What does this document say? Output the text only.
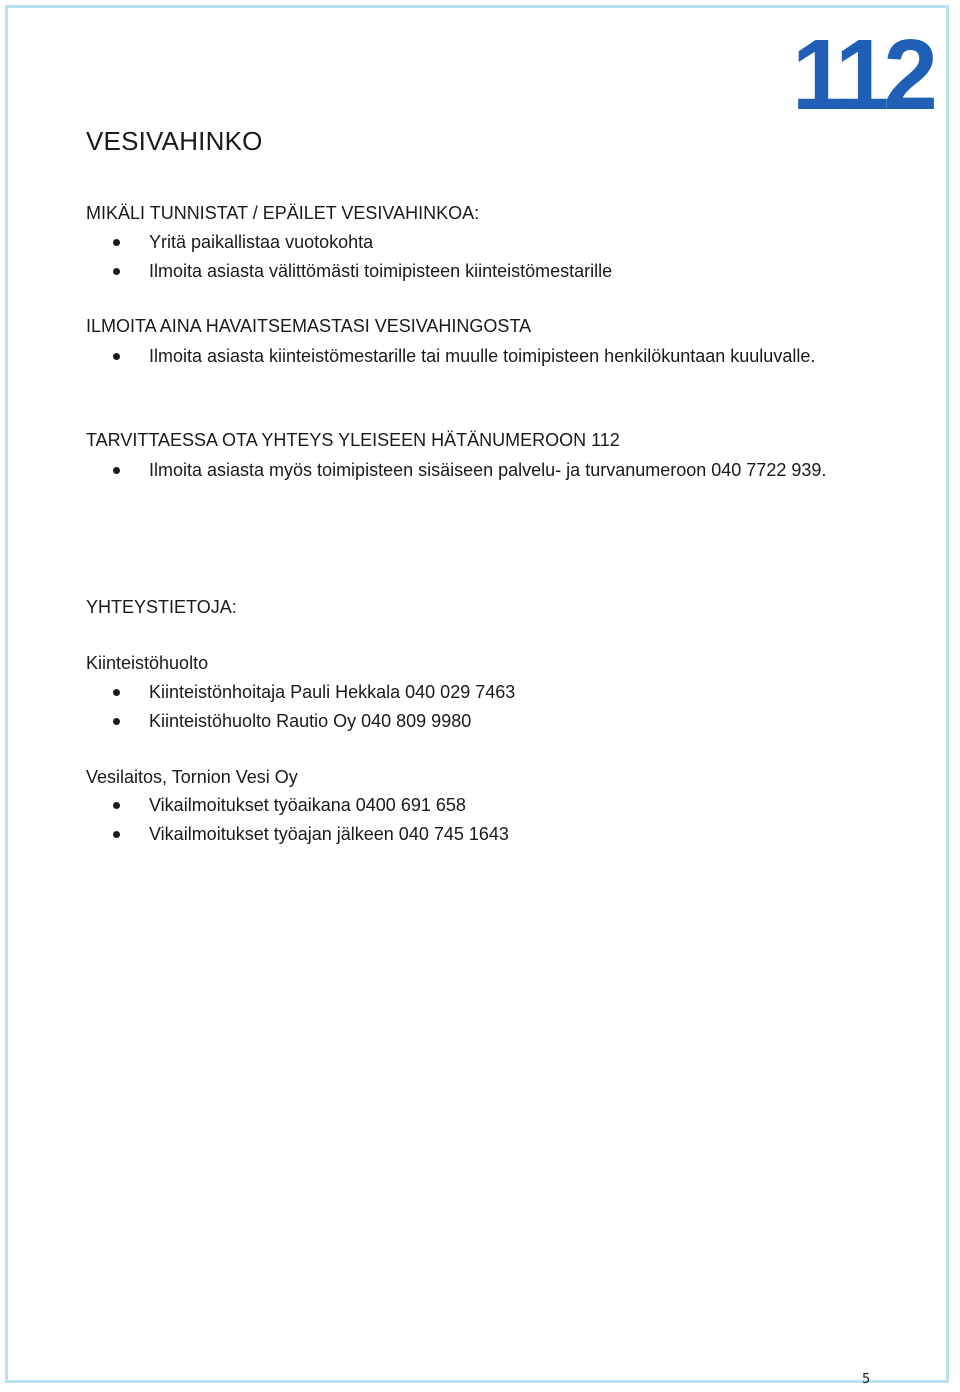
112
VESIVAHINKO
MIKÄLI TUNNISTAT / EPÄILET VESIVAHINKOA:
Yritä paikallistaa vuotokohta
Ilmoita asiasta välittömästi toimipisteen kiinteistömestarille
ILMOITA AINA HAVAITSEMASTASI VESIVAHINGOSTA
Ilmoita asiasta kiinteistömestarille tai muulle toimipisteen henkilökuntaan kuuluvalle.
TARVITTAESSA OTA YHTEYS YLEISEEN HÄTÄNUMEROON 112
Ilmoita asiasta myös toimipisteen sisäiseen palvelu- ja turvanumeroon 040 7722 939.
YHTEYSTIETOJA:
Kiinteistöhuolto
Kiinteistönhoitaja Pauli Hekkala 040 029 7463
Kiinteistöhuolto Rautio Oy 040 809 9980
Vesilaitos, Tornion Vesi Oy
Vikailmoitukset työaikana 0400 691 658
Vikailmoitukset työajan jälkeen 040 745 1643
5
